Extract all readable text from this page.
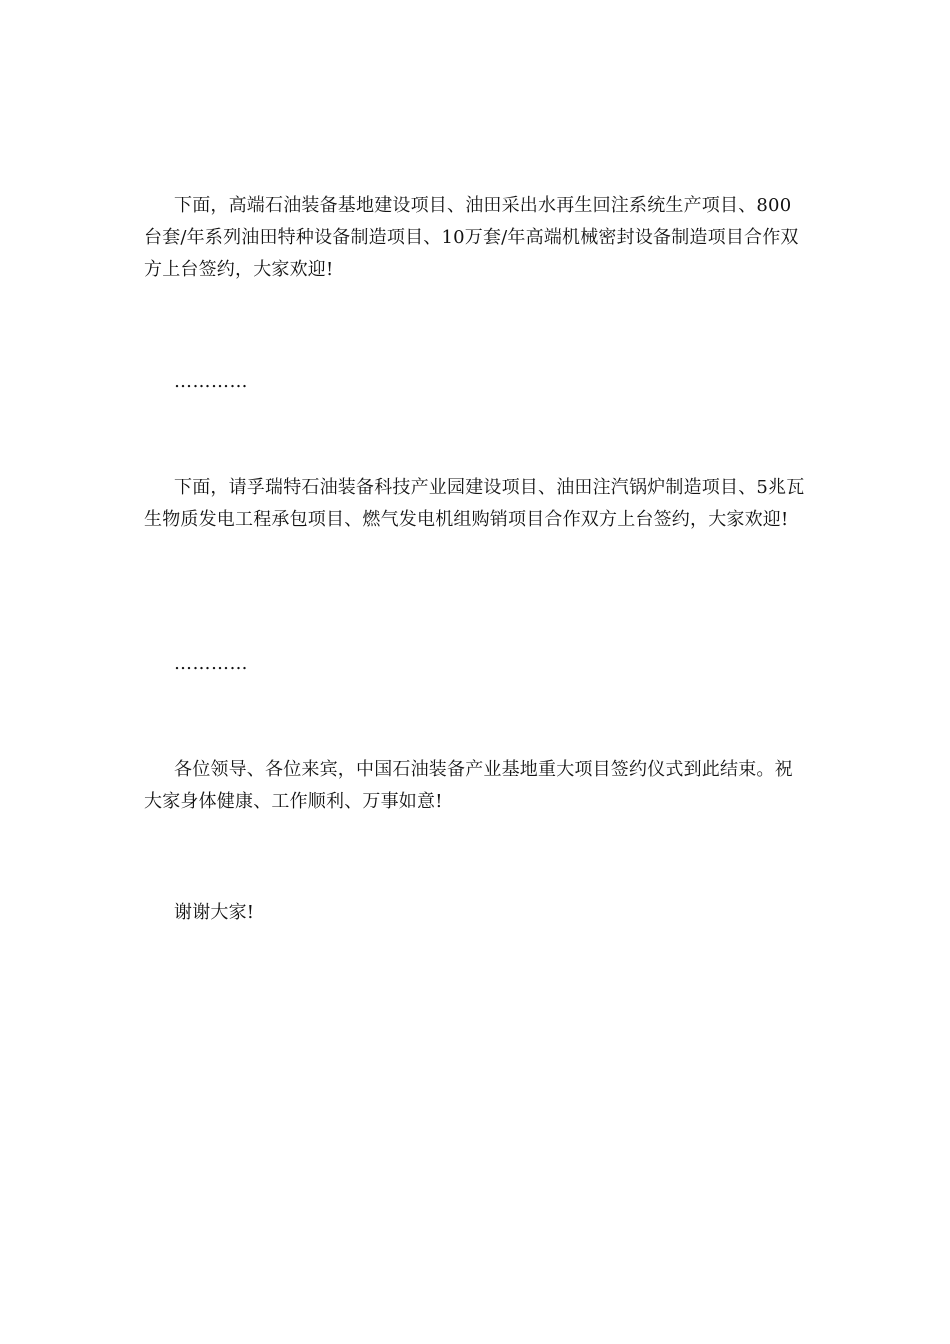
下面，高端石油装备基地建设项目、油田采出水再生回注系统生产项目、800台套/年系列油田特种设备制造项目、10万套/年高端机械密封设备制造项目合作双方上台签约，大家欢迎!

…………

下面，请孚瑞特石油装备科技产业园建设项目、油田注汽锅炉制造项目、5兆瓦生物质发电工程承包项目、燃气发电机组购销项目合作双方上台签约，大家欢迎!

…………

各位领导、各位来宾，中国石油装备产业基地重大项目签约仪式到此结束。祝大家身体健康、工作顺利、万事如意!

谢谢大家!
